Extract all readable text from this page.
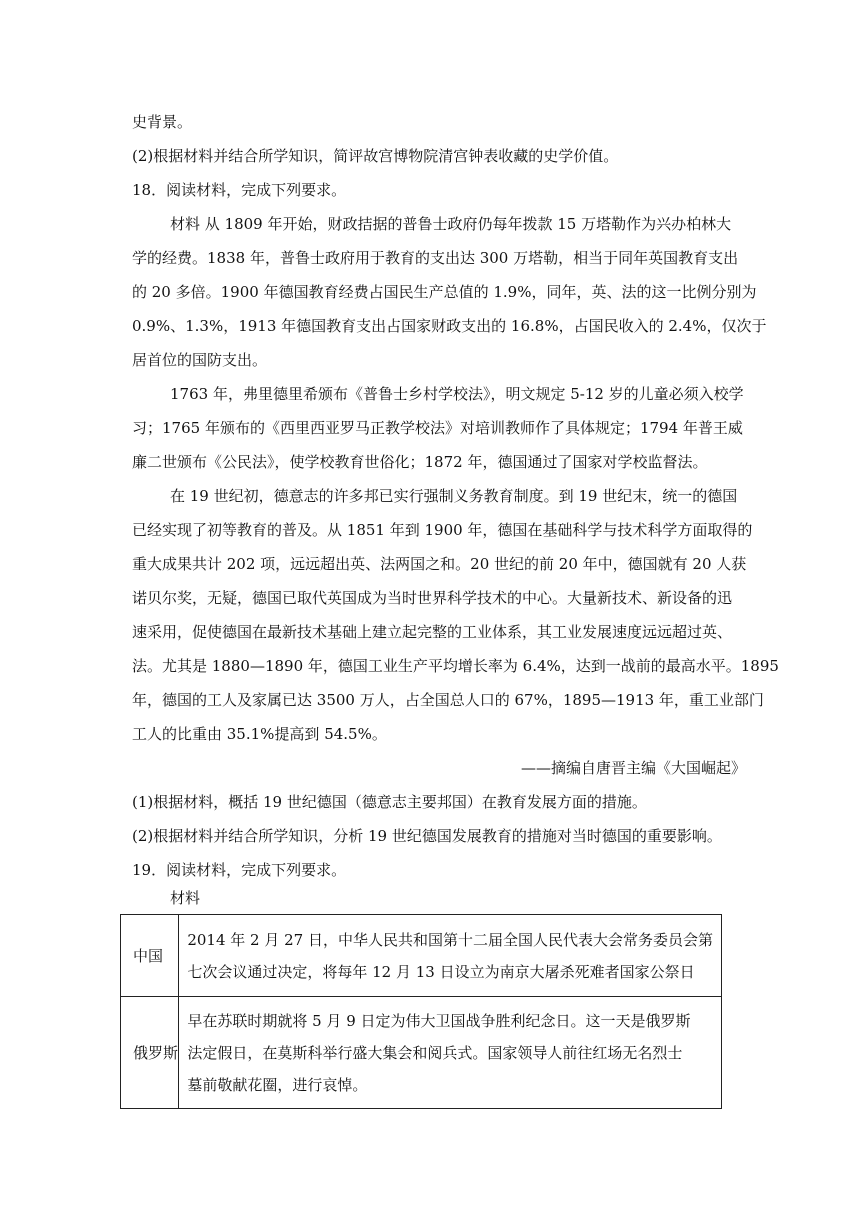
史背景。
(2)根据材料并结合所学知识，简评故宫博物院清宫钟表收藏的史学价值。
18．阅读材料，完成下列要求。
材料 从 1809 年开始，财政拮据的普鲁士政府仍每年拨款 15 万塔勒作为兴办柏林大
学的经费。1838 年，普鲁士政府用于教育的支出达 300 万塔勒，相当于同年英国教育支出
的 20 多倍。1900 年德国教育经费占国民生产总值的 1.9%，同年，英、法的这一比例分别为
0.9%、1.3%，1913 年德国教育支出占国家财政支出的 16.8%，占国民收入的 2.4%，仅次于
居首位的国防支出。
1763 年，弗里德里希颁布《普鲁士乡村学校法》，明文规定 5-12 岁的儿童必须入校学
习；1765 年颁布的《西里西亚罗马正教学校法》对培训教师作了具体规定；1794 年普王威
廉二世颁布《公民法》，使学校教育世俗化；1872 年，德国通过了国家对学校监督法。
在 19 世纪初，德意志的许多邦已实行强制义务教育制度。到 19 世纪末，统一的德国
已经实现了初等教育的普及。从 1851 年到 1900 年，德国在基础科学与技术科学方面取得的
重大成果共计 202 项，远远超出英、法两国之和。20 世纪的前 20 年中，德国就有 20 人获
诺贝尔奖，无疑，德国已取代英国成为当时世界科学技术的中心。大量新技术、新设备的迅
速采用，促使德国在最新技术基础上建立起完整的工业体系，其工业发展速度远远超过英、
法。尤其是 1880—1890 年，德国工业生产平均增长率为 6.4%，达到一战前的最高水平。1895
年，德国的工人及家属已达 3500 万人，占全国总人口的 67%，1895—1913 年，重工业部门
工人的比重由 35.1%提高到 54.5%。
——摘编自唐晋主编《大国崛起》
(1)根据材料，概括 19 世纪德国（德意志主要邦国）在教育发展方面的措施。
(2)根据材料并结合所学知识，分析 19 世纪德国发展教育的措施对当时德国的重要影响。
19．阅读材料，完成下列要求。
材料
中国	2014 年 2 月 27 日，中华人民共和国第十二届全国人民代表大会常务委员会第
七次会议通过决定，将每年 12 月 13 日设立为南京大屠杀死难者国家公祭日

俄罗斯	早在苏联时期就将 5 月 9 日定为伟大卫国战争胜利纪念日。这一天是俄罗斯
法定假日，在莫斯科举行盛大集会和阅兵式。国家领导人前往红场无名烈士
墓前敬献花圈，进行哀悼。
